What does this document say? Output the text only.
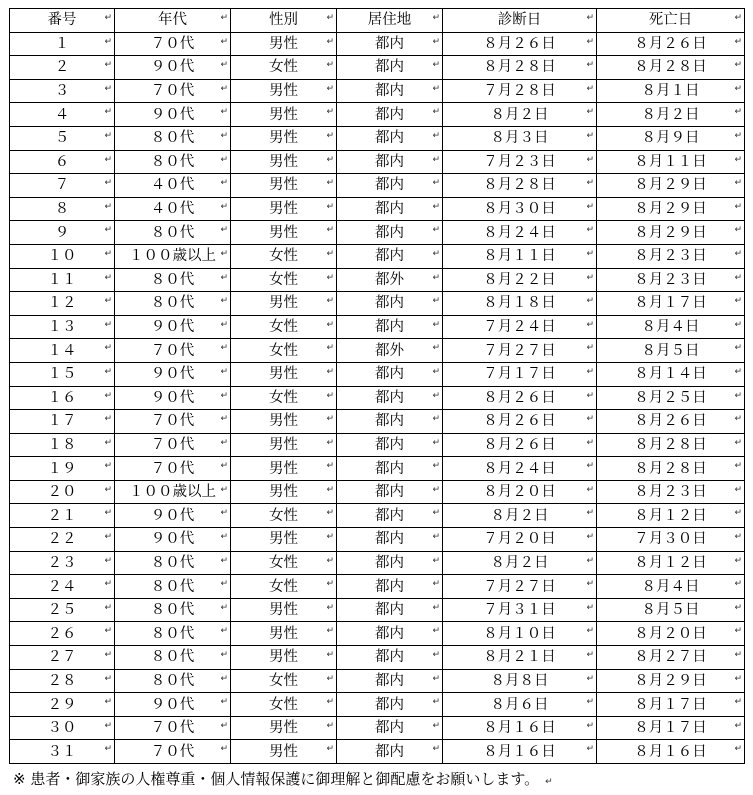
番号 ↵	年代 ↵	性別 ↵	居住地 ↵	診断日 ↵	死亡日 ↵

１ ↵	７０代 ↵	男性 ↵	都内 ↵	８月２６日 ↵	８月２６日 ↵

２ ↵	９０代 ↵	女性 ↵	都内 ↵	８月２８日 ↵	８月２８日 ↵

３ ↵	７０代 ↵	男性 ↵	都内 ↵	７月２８日 ↵	８月１日 ↵

４ ↵	９０代 ↵	男性 ↵	都内 ↵	８月２日 ↵	８月２日 ↵

５ ↵	８０代 ↵	男性 ↵	都内 ↵	８月３日 ↵	８月９日 ↵

６ ↵	８０代 ↵	男性 ↵	都内 ↵	７月２３日 ↵	８月１１日 ↵

７ ↵	４０代 ↵	男性 ↵	都内 ↵	８月２８日 ↵	８月２９日 ↵

８ ↵	４０代 ↵	男性 ↵	都内 ↵	８月３０日 ↵	８月２９日 ↵

９ ↵	８０代 ↵	男性 ↵	都内 ↵	８月２４日 ↵	８月２９日 ↵

１０ ↵	１００歳以上 ↵	女性 ↵	都内 ↵	８月１１日 ↵	８月２３日 ↵

１１ ↵	８０代 ↵	女性 ↵	都外 ↵	８月２２日 ↵	８月２３日 ↵

１２ ↵	８０代 ↵	男性 ↵	都内 ↵	８月１８日 ↵	８月１７日 ↵

１３ ↵	９０代 ↵	女性 ↵	都内 ↵	７月２４日 ↵	８月４日 ↵

１４ ↵	７０代 ↵	女性 ↵	都外 ↵	７月２７日 ↵	８月５日 ↵

１５ ↵	９０代 ↵	男性 ↵	都内 ↵	７月１７日 ↵	８月１４日 ↵

１６ ↵	９０代 ↵	女性 ↵	都内 ↵	８月２６日 ↵	８月２５日 ↵

１７ ↵	７０代 ↵	男性 ↵	都内 ↵	８月２６日 ↵	８月２６日 ↵

１８ ↵	７０代 ↵	男性 ↵	都内 ↵	８月２６日 ↵	８月２８日 ↵

１９ ↵	７０代 ↵	男性 ↵	都内 ↵	８月２４日 ↵	８月２８日 ↵

２０ ↵	１００歳以上 ↵	男性 ↵	都内 ↵	８月２０日 ↵	８月２３日 ↵

２１ ↵	９０代 ↵	女性 ↵	都内 ↵	８月２日 ↵	８月１２日 ↵

２２ ↵	９０代 ↵	男性 ↵	都内 ↵	７月２０日 ↵	７月３０日 ↵

２３ ↵	８０代 ↵	女性 ↵	都内 ↵	８月２日 ↵	８月１２日 ↵

２４ ↵	８０代 ↵	女性 ↵	都内 ↵	７月２７日 ↵	８月４日 ↵

２５ ↵	８０代 ↵	男性 ↵	都内 ↵	７月３１日 ↵	８月５日 ↵

２６ ↵	８０代 ↵	男性 ↵	都内 ↵	８月１０日 ↵	８月２０日 ↵

２７ ↵	８０代 ↵	男性 ↵	都内 ↵	８月２１日 ↵	８月２７日 ↵

２８ ↵	８０代 ↵	女性 ↵	都内 ↵	８月８日 ↵	８月２９日 ↵

２９ ↵	９０代 ↵	女性 ↵	都内 ↵	８月６日 ↵	８月１７日 ↵

３０ ↵	７０代 ↵	男性 ↵	都内 ↵	８月１６日 ↵	８月１７日 ↵

３１ ↵	７０代 ↵	男性 ↵	都内 ↵	８月１６日 ↵	８月１６日 ↵
※ 患者・御家族の人権尊重・個人情報保護に御理解と御配慮をお願いします。 ↵
